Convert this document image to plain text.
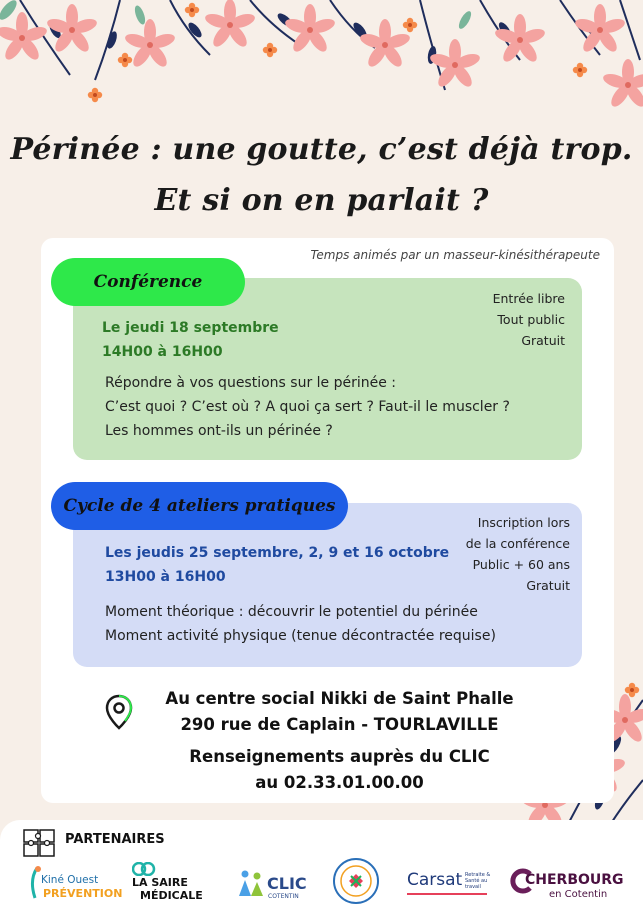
Périnée : une goutte, c’est déjà trop.
Et si on en parlait ?
Temps animés par un masseur-kinésithérapeute
Conférence
Entrée libre
Tout public
Gratuit
Le jeudi 18 septembre
14H00 à 16H00
Répondre à vos questions sur le périnée :
C’est quoi ? C’est où ? A quoi ça sert ? Faut-il le muscler ?
Les hommes ont-ils un périnée ?
Cycle de 4 ateliers pratiques
Inscription lors
de la conférence
Public + 60 ans
Gratuit
Les jeudis 25 septembre, 2, 9 et 16 octobre
13H00 à 16H00
Moment théorique : découvrir le potentiel du périnée
Moment activité physique (tenue décontractée requise)
Au centre social Nikki de Saint Phalle
290 rue de Caplain - TOURLAVILLE
Renseignements auprès du CLIC
au 02.33.01.00.00
PARTENAIRES
Kiné Ouest
PRÉVENTION
LA SAIRE
MÉDICALE
CLIC
COTENTIN
Carsat Retraite & Santé au travail	CHERBOURG
en Cotentin
